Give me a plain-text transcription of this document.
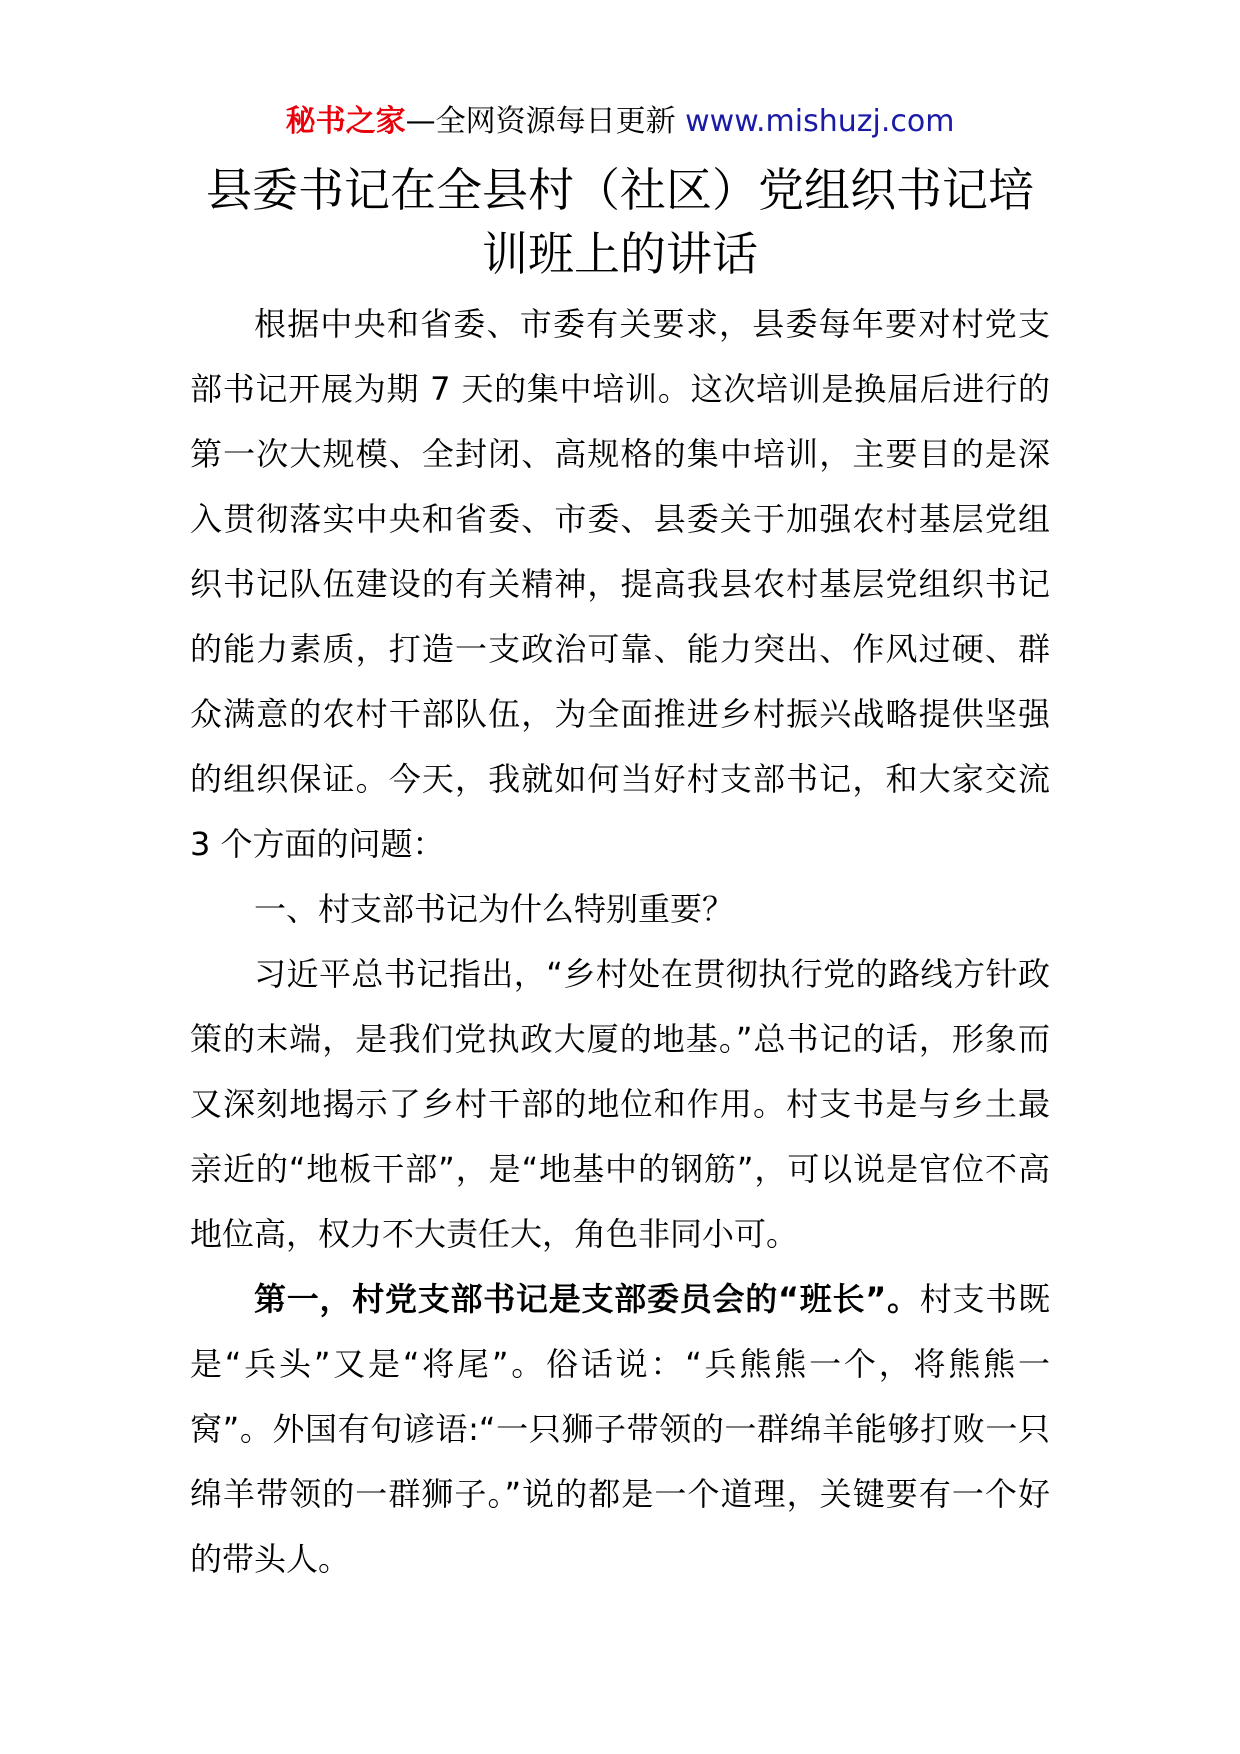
秘书之家—全网资源每日更新 www.mishuzj.com
县委书记在全县村（社区）党组织书记培训班上的讲话

根据中央和省委、市委有关要求，县委每年要对村党支部书记开展为期 7 天的集中培训。这次培训是换届后进行的第一次大规模、全封闭、高规格的集中培训，主要目的是深入贯彻落实中央和省委、市委、县委关于加强农村基层党组织书记队伍建设的有关精神，提高我县农村基层党组织书记的能力素质，打造一支政治可靠、能力突出、作风过硬、群众满意的农村干部队伍，为全面推进乡村振兴战略提供坚强的组织保证。今天，我就如何当好村支部书记，和大家交流 3 个方面的问题：

一、村支部书记为什么特别重要？

习近平总书记指出，“乡村处在贯彻执行党的路线方针政策的末端，是我们党执政大厦的地基。”总书记的话，形象而又深刻地揭示了乡村干部的地位和作用。村支书是与乡土最亲近的“地板干部”，是“地基中的钢筋”，可以说是官位不高地位高，权力不大责任大，角色非同小可。

第一，村党支部书记是支部委员会的“班长”。村支书既是“兵头”又是“将尾”。俗话说：“兵熊熊一个，将熊熊一窝”。外国有句谚语:“一只狮子带领的一群绵羊能够打败一只绵羊带领的一群狮子。”说的都是一个道理，关键要有一个好的带头人。
